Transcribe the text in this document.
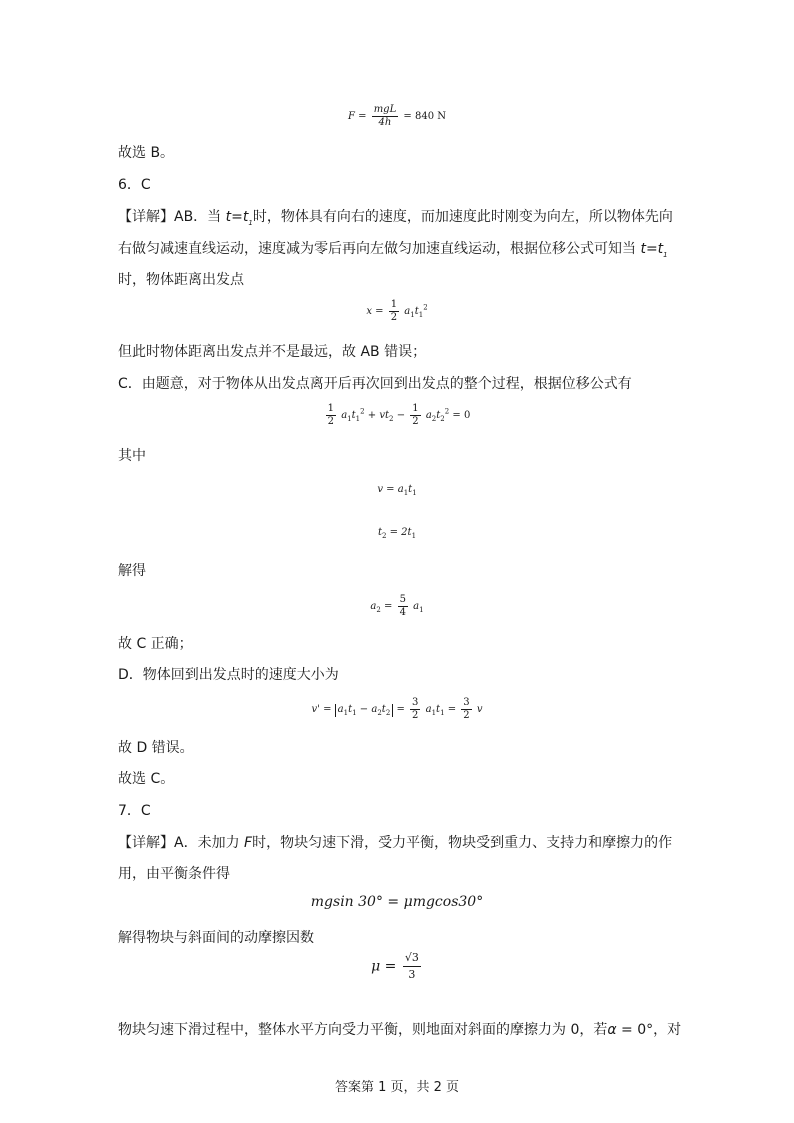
$F = \frac{\text{mgL}}{4h} = 840$ N
故选 B。
6．C
【详解】AB．当 $t=t_1$时，物体具有向右的速度，而加速度此时刚变为向左，所以物体先向
右做匀减速直线运动，速度减为零后再向左做匀加速直线运动，根据位移公式可知当 $t=t_1$
时，物体距离出发点
$x = \frac{1}{2} a_1t_1^2$
但此时物体距离出发点并不是最远，故 AB 错误；
C．由题意，对于物体从出发点离开后再次回到出发点的整个过程，根据位移公式有
$\frac{1}{2} a_1t_1^2 + vt_2 - \frac{1}{2} a_2t_2^2 = 0$
其中
$v = a_1t_1$
$t_2 = 2t_1$
解得
$a_2 = \frac{5}{4} a_1$
故 C 正确；
D．物体回到出发点时的速度大小为
$v' = a_1t_1 - a_2t_2 = \frac{3}{2} a_1t_1 = \frac{3}{2}$ v
故 D 错误。
故选 C。
7．C
【详解】A．未加力 F时，物块匀速下滑，受力平衡，物块受到重力、支持力和摩擦力的作
用，由平衡条件得
mgsin 30° = μmgcos30°
解得物块与斜面间的动摩擦因数
$\mu = \frac{√3}{3}$
物块匀速下滑过程中，整体水平方向受力平衡，则地面对斜面的摩擦力为 0，若α = 0°，对
答案第 1 页，共 2 页
